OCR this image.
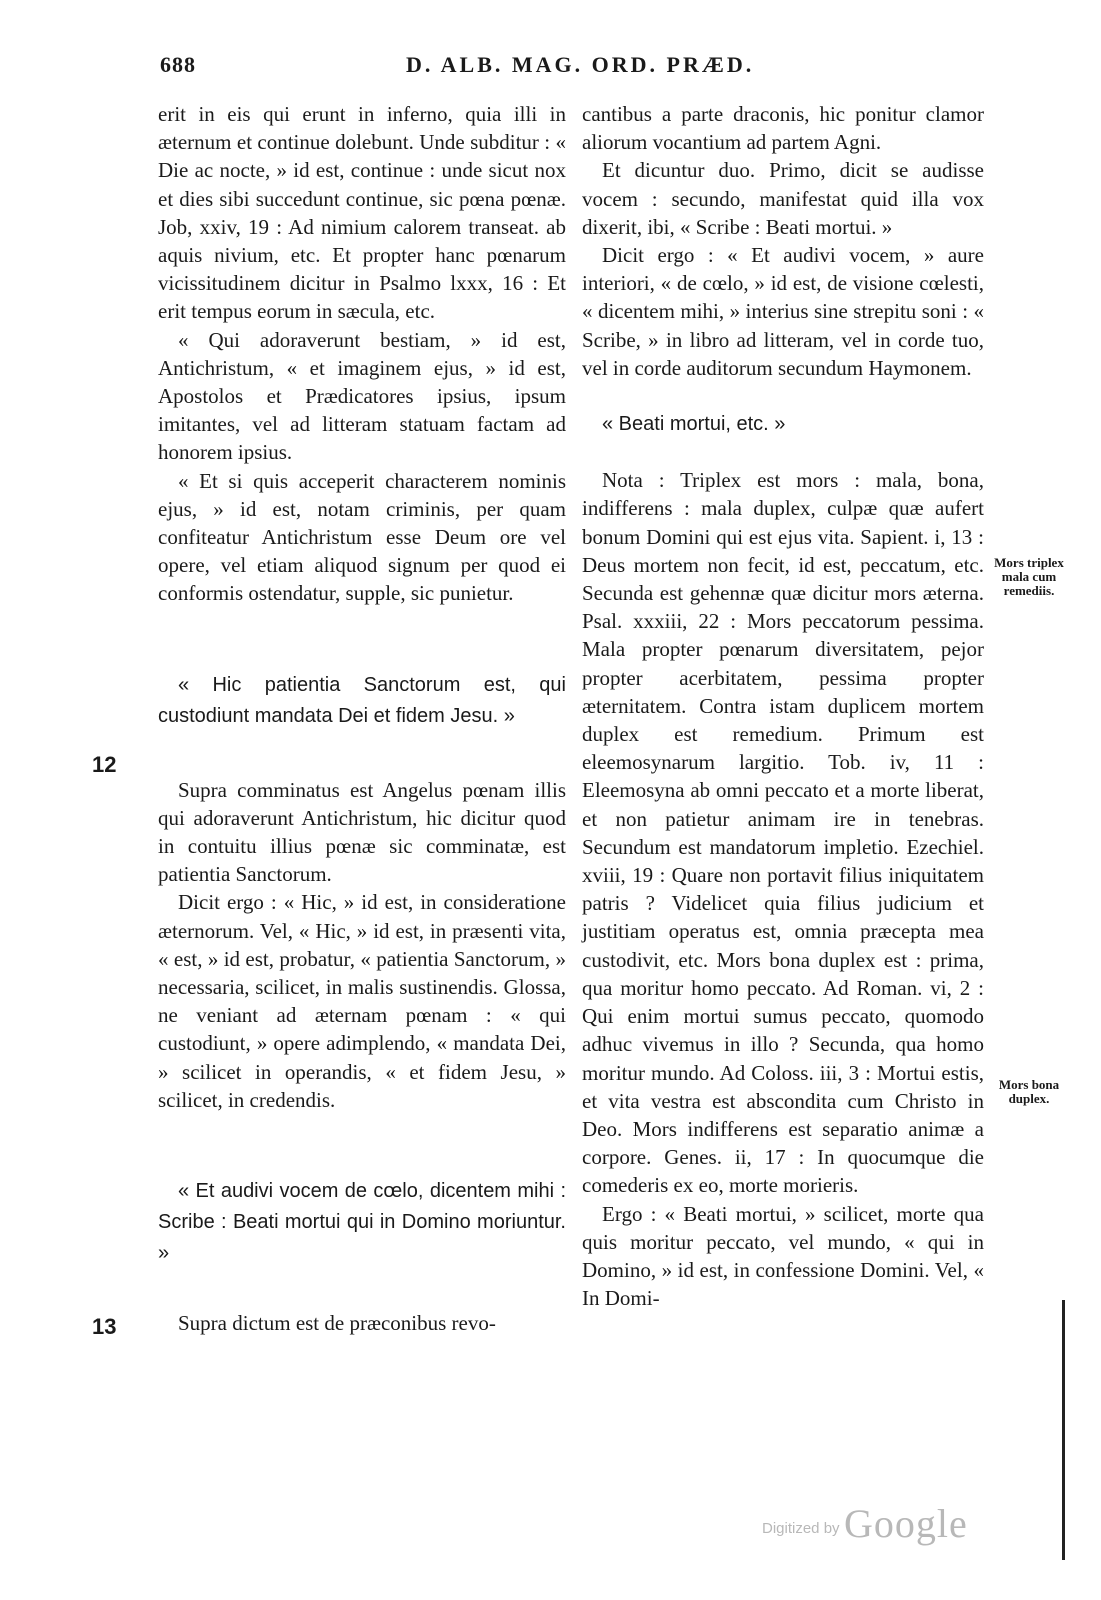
688	D. ALB. MAG. ORD. PRÆD.

erit in eis qui erunt in inferno, quia illi in æternum et continue dolebunt. Unde subditur : « Die ac nocte, » id est, continue : unde sicut nox et dies sibi succedunt continue, sic pœna pœnæ. Job, xxiv, 19 : Ad nimium calorem transeat. ab aquis nivium, etc. Et propter hanc pœnarum vicissitudinem dicitur in Psalmo lxxx, 16 : Et erit tempus eorum in sæcula, etc.

« Qui adoraverunt bestiam, » id est, Antichristum, « et imaginem ejus, » id est, Apostolos et Prædicatores ipsius, ipsum imitantes, vel ad litteram statuam factam ad honorem ipsius.

« Et si quis acceperit characterem nominis ejus, » id est, notam criminis, per quam confiteatur Antichristum esse Deum ore vel opere, vel etiam aliquod signum per quod ei conformis ostendatur, supple, sic punietur.

« Hic patientia Sanctorum est, qui custodiunt mandata Dei et fidem Jesu. »

Supra comminatus est Angelus pœnam illis qui adoraverunt Antichristum, hic dicitur quod in contuitu illius pœnæ sic comminatæ, est patientia Sanctorum.

Dicit ergo : « Hic, » id est, in consideratione æternorum. Vel, « Hic, » id est, in præsenti vita, « est, » id est, probatur, « patientia Sanctorum, » necessaria, scilicet, in malis sustinendis. Glossa, ne veniant ad æternam pœnam : « qui custodiunt, » opere adimplendo, « mandata Dei, » scilicet in operandis, « et fidem Jesu, » scilicet, in credendis.

« Et audivi vocem de cœlo, dicentem mihi : Scribe : Beati mortui qui in Domino moriuntur. »

Supra dictum est de præconibus revo-

cantibus a parte draconis, hic ponitur clamor aliorum vocantium ad partem Agni.

Et dicuntur duo. Primo, dicit se audisse vocem : secundo, manifestat quid illa vox dixerit, ibi, « Scribe : Beati mortui. »

Dicit ergo : « Et audivi vocem, » aure interiori, « de cœlo, » id est, de visione cœlesti, « dicentem mihi, » interius sine strepitu soni : « Scribe, » in libro ad litteram, vel in corde tuo, vel in corde auditorum secundum Haymonem.

« Beati mortui, etc. »

Nota : Triplex est mors : mala, bona, indifferens : mala duplex, culpæ quæ aufert bonum Domini qui est ejus vita. Sapient. i, 13 : Deus mortem non fecit, id est, peccatum, etc. Secunda est gehennæ quæ dicitur mors æterna. Psal. xxxiii, 22 : Mors peccatorum pessima. Mala propter pœnarum diversitatem, pejor propter acerbitatem, pessima propter æternitatem. Contra istam duplicem mortem duplex est remedium. Primum est eleemosynarum largitio. Tob. iv, 11 : Eleemosyna ab omni peccato et a morte liberat, et non patietur animam ire in tenebras. Secundum est mandatorum impletio. Ezechiel. xviii, 19 : Quare non portavit filius iniquitatem patris ? Videlicet quia filius judicium et justitiam operatus est, omnia præcepta mea custodivit, etc. Mors bona duplex est : prima, qua moritur homo peccato. Ad Roman. vi, 2 : Qui enim mortui sumus peccato, quomodo adhuc vivemus in illo ? Secunda, qua homo moritur mundo. Ad Coloss. iii, 3 : Mortui estis, et vita vestra est abscondita cum Christo in Deo. Mors indifferens est separatio animæ a corpore. Genes. ii, 17 : In quocumque die comederis ex eo, morte morieris.

Ergo : « Beati mortui, » scilicet, morte qua quis moritur peccato, vel mundo, « qui in Domino, » id est, in confessione Domini. Vel, « In Domi-

12
13
Mors triplex mala cum remediis.
Mors bona duplex.
Digitized by Google
